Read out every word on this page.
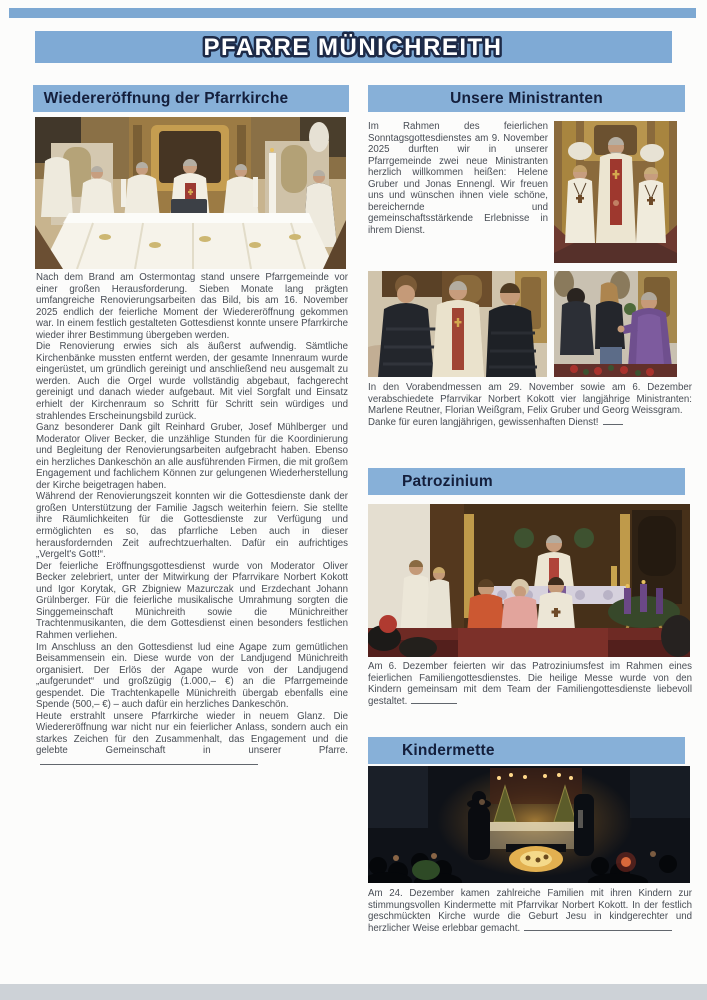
PFARRE MÜNICHREITH
Wiedereröffnung der Pfarrkirche

Nach dem Brand am Ostermontag stand unsere Pfarrgemeinde vor einer großen Herausforderung. Sieben Monate lang prägten umfangreiche Renovierungsarbeiten das Bild, bis am 16. November 2025 endlich der feierliche Moment der Wiedereröffnung gekommen war. In einem festlich gestalteten Gottesdienst konnte unsere Pfarrkirche wieder ihrer Bestimmung übergeben werden.

Die Renovierung erwies sich als äußerst aufwendig. Sämtliche Kirchenbänke mussten entfernt werden, der gesamte Innenraum wurde eingerüstet, um gründlich gereinigt und anschließend neu ausgemalt zu werden. Auch die Orgel wurde vollständig abgebaut, fachgerecht gereinigt und danach wieder aufgebaut. Mit viel Sorgfalt und Einsatz erhielt der Kirchenraum so Schritt für Schritt sein würdiges und strahlendes Erscheinungsbild zurück.

Ganz besonderer Dank gilt Reinhard Gruber, Josef Mühlberger und Moderator Oliver Becker, die unzählige Stunden für die Koordinierung und Begleitung der Renovierungsarbeiten aufgebracht haben. Ebenso ein herzliches Dankeschön an alle ausführenden Firmen, die mit großem Engagement und fachlichem Können zur gelungenen Wiederherstellung der Kirche beigetragen haben.

Während der Renovierungszeit konnten wir die Gottesdienste dank der großen Unterstützung der Familie Jagsch weiterhin feiern. Sie stellte ihre Räumlichkeiten für die Gottesdienste zur Verfügung und ermöglichten es so, das pfarrliche Leben auch in dieser herausfordernden Zeit aufrechtzuerhalten. Dafür ein aufrichtiges „Vergelt's Gott!“.

Der feierliche Eröffnungsgottesdienst wurde von Moderator Oliver Becker zelebriert, unter der Mitwirkung der Pfarrvikare Norbert Kokott und Igor Korytak, GR Zbigniew Mazurczak und Erzdechant Johann Grülnberger. Für die feierliche musikalische Umrahmung sorgten die Singgemeinschaft Münichreith sowie die Münichreither Trachtenmusikanten, die dem Gottesdienst einen besonders festlichen Rahmen verliehen.

Im Anschluss an den Gottesdienst lud eine Agape zum gemütlichen Beisammensein ein. Diese wurde von der Landjugend Münichreith organisiert. Der Erlös der Agape wurde von der Landjugend „aufgerundet“ und großzügig (1.000,– €) an die Pfarrgemeinde gespendet. Die Trachtenkapelle Münichreith übergab ebenfalls eine Spende (500,– €) – auch dafür ein herzliches Dankeschön.

Heute erstrahlt unsere Pfarrkirche wieder in neuem Glanz. Die Wiedereröffnung war nicht nur ein feierlicher Anlass, sondern auch ein starkes Zeichen für den Zusammenhalt, das Engagement und die gelebte Gemeinschaft in unserer Pfarre.

Unsere Ministranten

Im Rahmen des feierlichen Sonntagsgottesdienstes am 9. November 2025 durften wir in unserer Pfarrgemeinde zwei neue Ministranten herzlich willkommen heißen: Helene Gruber und Jonas Ennengl. Wir freuen uns und wünschen ihnen viele schöne, bereichernde und gemeinschaftsstärkende Erlebnisse in ihrem Dienst.

In den Vorabendmessen am 29. November sowie am 6. Dezember verabschiedete Pfarrvikar Norbert Kokott vier langjährige Ministranten: Marlene Reutner, Florian Weißgram, Felix Gruber und Georg Weissgram.
Danke für euren langjährigen, gewissenhaften Dienst!

Patrozinium

Am 6. Dezember feierten wir das Patroziniumsfest im Rahmen eines feierlichen Familiengottesdienstes. Die heilige Messe wurde von den Kindern gemeinsam mit dem Team der Familiengottesdienste liebevoll gestaltet.

Kindermette

Am 24. Dezember kamen zahlreiche Familien mit ihren Kindern zur stimmungsvollen Kindermette mit Pfarrvikar Norbert Kokott. In der festlich geschmückten Kirche wurde die Geburt Jesu in kindgerechter und herzlicher Weise erlebbar gemacht.
